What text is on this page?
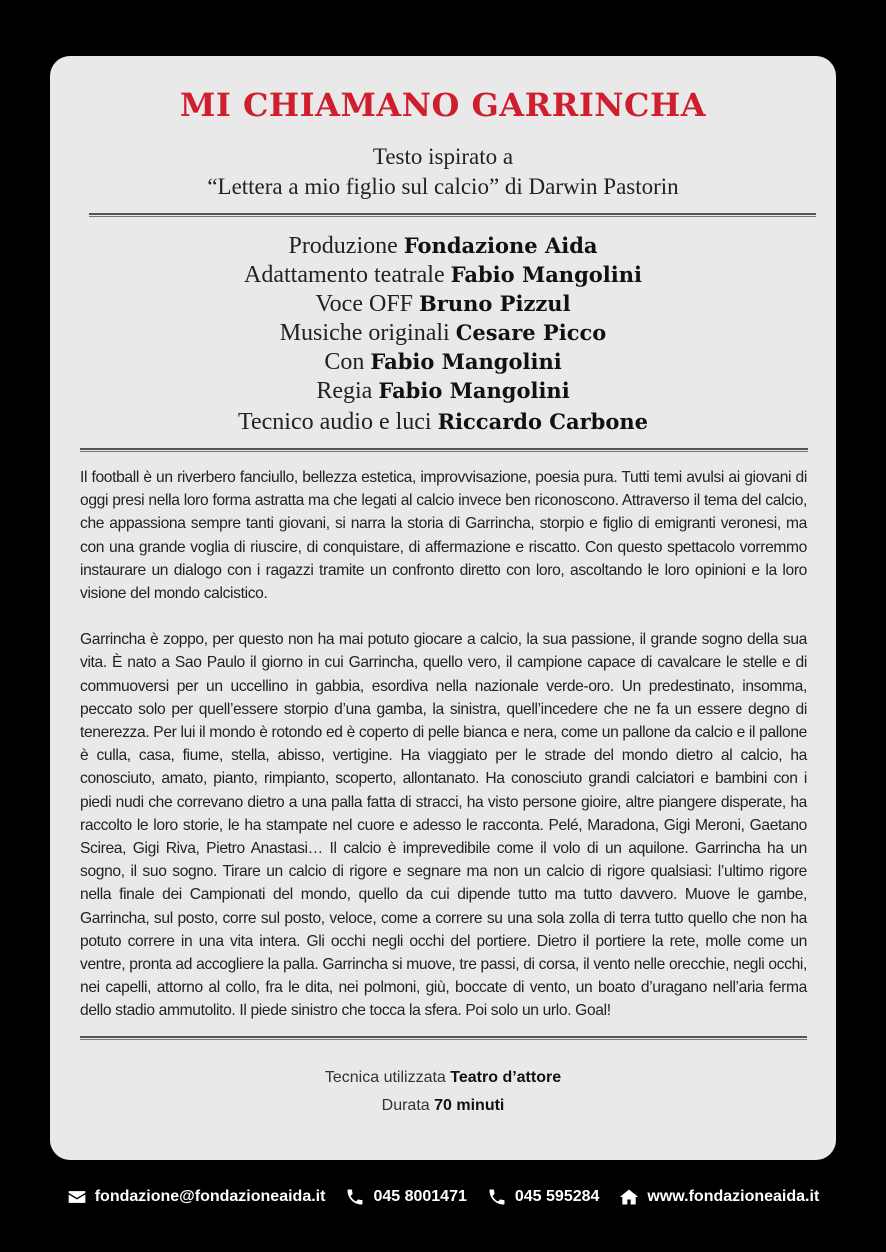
MI CHIAMANO GARRINCHA
Testo ispirato a
“Lettera a mio figlio sul calcio” di Darwin Pastorin
Produzione Fondazione Aida
Adattamento teatrale Fabio Mangolini
Voce OFF Bruno Pizzul
Musiche originali Cesare Picco
Con Fabio Mangolini
Regia Fabio Mangolini
Tecnico audio e luci Riccardo Carbone

Il football è un riverbero fanciullo, bellezza estetica, improvvisazione, poesia pura. Tutti temi avulsi ai giovani di oggi presi nella loro forma astratta ma che legati al calcio invece ben riconoscono. Attraverso il tema del calcio, che appassiona sempre tanti giovani, si narra la storia di Garrincha, storpio e figlio di emigranti veronesi, ma con una grande voglia di riuscire, di conquistare, di affermazione e riscatto. Con questo spettacolo vorremmo instaurare un dialogo con i ragazzi tramite un confronto diretto con loro, ascoltando le loro opinioni e la loro visione del mondo calcistico.

Garrincha è zoppo, per questo non ha mai potuto giocare a calcio, la sua passione, il grande sogno della sua vita. È nato a Sao Paulo il giorno in cui Garrincha, quello vero, il campione capace di cavalcare le stelle e di commuoversi per un uccellino in gabbia, esordiva nella nazionale verde-oro. Un predestinato, insomma, peccato solo per quell’essere storpio d’una gamba, la sinistra, quell’incedere che ne fa un essere degno di tenerezza. Per lui il mondo è rotondo ed è coperto di pelle bianca e nera, come un pallone da calcio e il pallone è culla, casa, fiume, stella, abisso, vertigine. Ha viaggiato per le strade del mondo dietro al calcio, ha conosciuto, amato, pianto, rimpianto, scoperto, allontanato. Ha conosciuto grandi calciatori e bambini con i piedi nudi che correvano dietro a una palla fatta di stracci, ha visto persone gioire, altre piangere disperate, ha raccolto le loro storie, le ha stampate nel cuore e adesso le racconta. Pelé, Maradona, Gigi Meroni, Gaetano Scirea, Gigi Riva, Pietro Anastasi… Il calcio è imprevedibile come il volo di un aquilone. Garrincha ha un sogno, il suo sogno. Tirare un calcio di rigore e segnare ma non un calcio di rigore qualsiasi: l’ultimo rigore nella finale dei Campionati del mondo, quello da cui dipende tutto ma tutto davvero. Muove le gambe, Garrincha, sul posto, corre sul posto, veloce, come a correre su una sola zolla di terra tutto quello che non ha potuto correre in una vita intera. Gli occhi negli occhi del portiere. Dietro il portiere la rete, molle come un ventre, pronta ad accogliere la palla. Garrincha si muove, tre passi, di corsa, il vento nelle orecchie, negli occhi, nei capelli, attorno al collo, fra le dita, nei polmoni, giù, boccate di vento, un boato d’uragano nell’aria ferma dello stadio ammutolito. Il piede sinistro che tocca la sfera. Poi solo un urlo. Goal!

Tecnica utilizzata Teatro d’attore
Durata 70 minuti
fondazione@fondazioneaida.it	045 8001471	045 595284	www.fondazioneaida.it
